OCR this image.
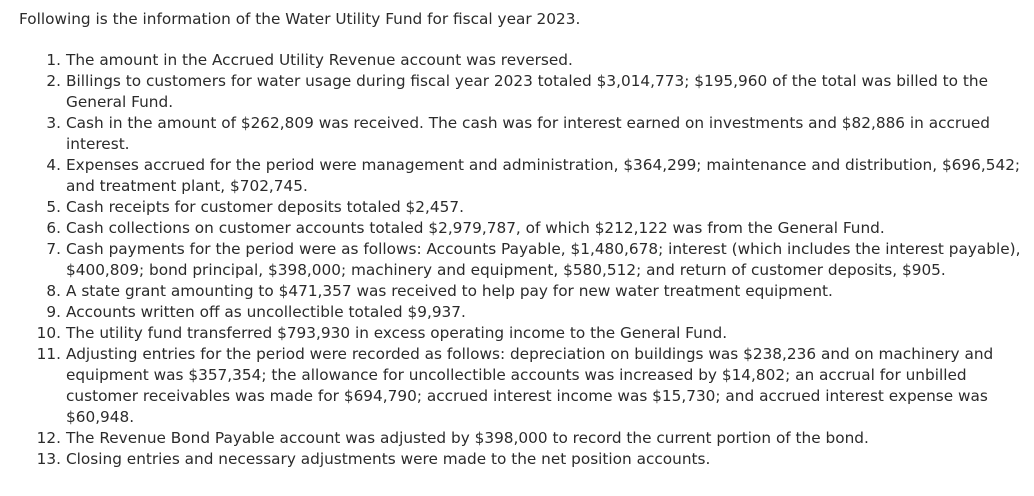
Following is the information of the Water Utility Fund for fiscal year 2023.
1. The amount in the Accrued Utility Revenue account was reversed.
2. Billings to customers for water usage during fiscal year 2023 totaled $3,014,773; $195,960 of the total was billed to the General Fund.
3. Cash in the amount of $262,809 was received. The cash was for interest earned on investments and $82,886 in accrued interest.
4. Expenses accrued for the period were management and administration, $364,299; maintenance and distribution, $696,542; and treatment plant, $702,745.
5. Cash receipts for customer deposits totaled $2,457.
6. Cash collections on customer accounts totaled $2,979,787, of which $212,122 was from the General Fund.
7. Cash payments for the period were as follows: Accounts Payable, $1,480,678; interest (which includes the interest payable), $400,809; bond principal, $398,000; machinery and equipment, $580,512; and return of customer deposits, $905.
8. A state grant amounting to $471,357 was received to help pay for new water treatment equipment.
9. Accounts written off as uncollectible totaled $9,937.
10. The utility fund transferred $793,930 in excess operating income to the General Fund.
11. Adjusting entries for the period were recorded as follows: depreciation on buildings was $238,236 and on machinery and equipment was $357,354; the allowance for uncollectible accounts was increased by $14,802; an accrual for unbilled customer receivables was made for $694,790; accrued interest income was $15,730; and accrued interest expense was $60,948.
12. The Revenue Bond Payable account was adjusted by $398,000 to record the current portion of the bond.
13. Closing entries and necessary adjustments were made to the net position accounts.
